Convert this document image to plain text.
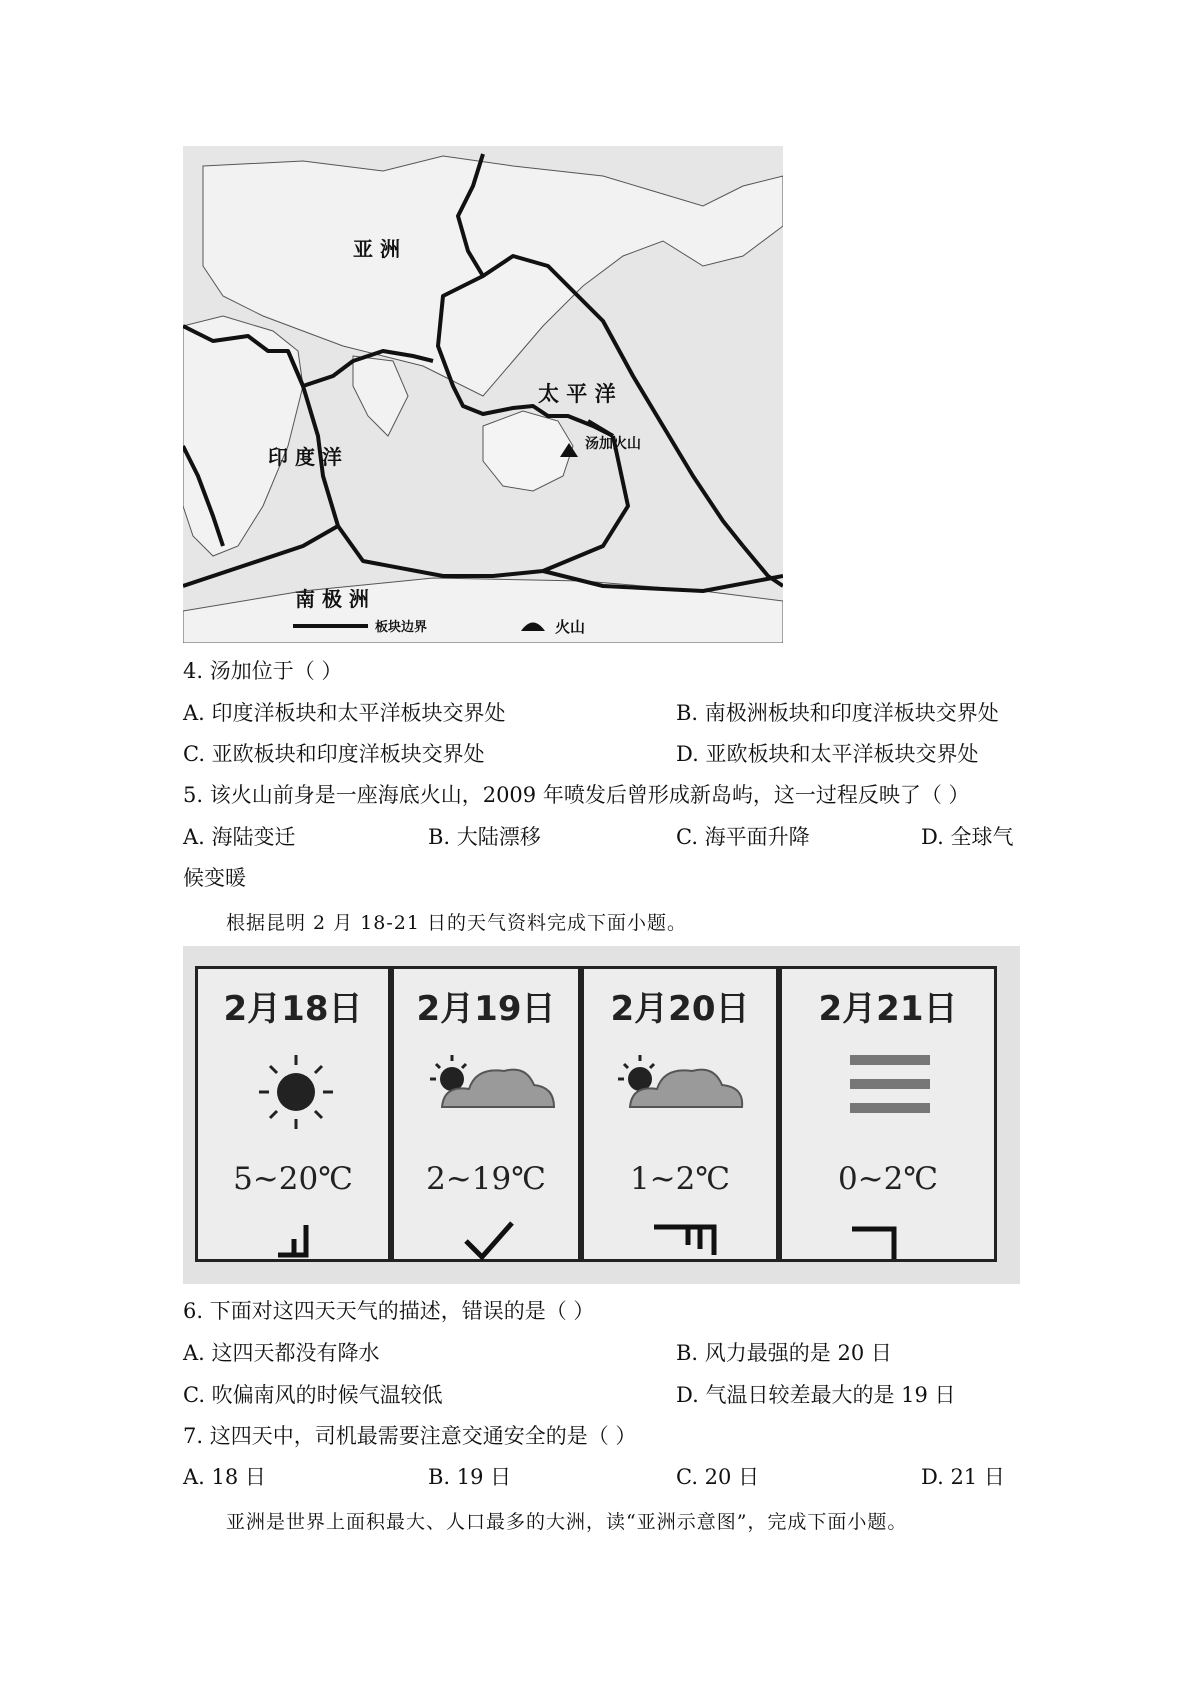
亚 洲
太 平 洋
印 度 洋
南 极 洲
汤加火山
板块边界	火山
4. 汤加位于（ ）
A. 印度洋板块和太平洋板块交界处	B. 南极洲板块和印度洋板块交界处
C. 亚欧板块和印度洋板块交界处	D. 亚欧板块和太平洋板块交界处
5. 该火山前身是一座海底火山，2009 年喷发后曾形成新岛屿，这一过程反映了（ ）
A. 海陆变迁	B. 大陆漂移	C. 海平面升降	D. 全球气
候变暖
根据昆明 2 月 18-21 日的天气资料完成下面小题。
2月18日
5~20℃
2月19日
2~19℃
2月20日
1~2℃
2月21日
0~2℃
6. 下面对这四天天气的描述，错误的是（ ）
A. 这四天都没有降水	B. 风力最强的是 20 日
C. 吹偏南风的时候气温较低	D. 气温日较差最大的是 19 日
7. 这四天中，司机最需要注意交通安全的是（ ）
A. 18 日	B. 19 日	C. 20 日	D. 21 日
亚洲是世界上面积最大、人口最多的大洲，读“亚洲示意图”，完成下面小题。
